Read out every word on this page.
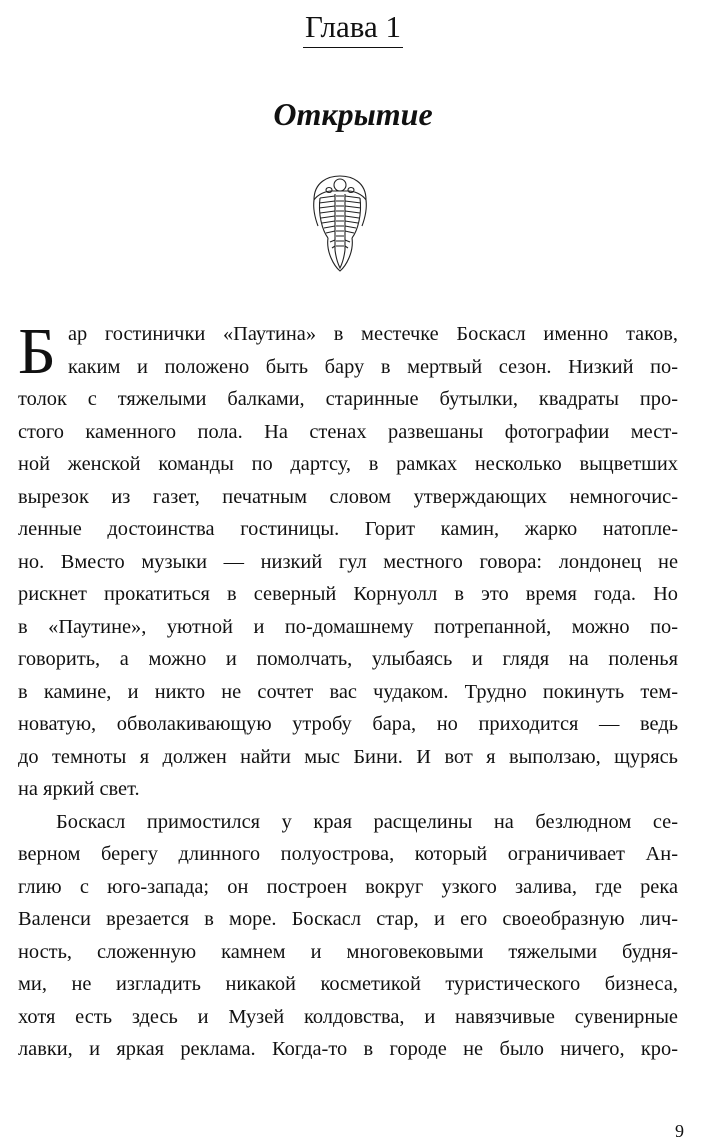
Глава 1
Открытие
Б ар гостинички «Паутина» в местечке Боскасл именно таков,
каким и положено быть бару в мертвый сезон. Низкий по-
толок с тяжелыми балками, старинные бутылки, квадраты про-
стого каменного пола. На стенах развешаны фотографии мест-
ной женской команды по дартсу, в рамках несколько выцветших
вырезок из газет, печатным словом утверждающих немногочис-
ленные достоинства гостиницы. Горит камин, жарко натопле-
но. Вместо музыки — низкий гул местного говора: лондонец не
рискнет прокатиться в северный Корнуолл в это время года. Но
в «Паутине», уютной и по-домашнему потрепанной, можно по-
говорить, а можно и помолчать, улыбаясь и глядя на поленья
в камине, и никто не сочтет вас чудаком. Трудно покинуть тем-
новатую, обволакивающую утробу бара, но приходится — ведь
до темноты я должен найти мыс Бини. И вот я выползаю, щурясь
на яркий свет.
Боскасл примостился у края расщелины на безлюдном се-
верном берегу длинного полуострова, который ограничивает Ан-
глию с юго-запада; он построен вокруг узкого залива, где река
Валенси врезается в море. Боскасл стар, и его своеобразную лич-
ность, сложенную камнем и многовековыми тяжелыми будня-
ми, не изгладить никакой косметикой туристического бизнеса,
хотя есть здесь и Музей колдовства, и навязчивые сувенирные
лавки, и яркая реклама. Когда-то в городе не было ничего, кро-
9
